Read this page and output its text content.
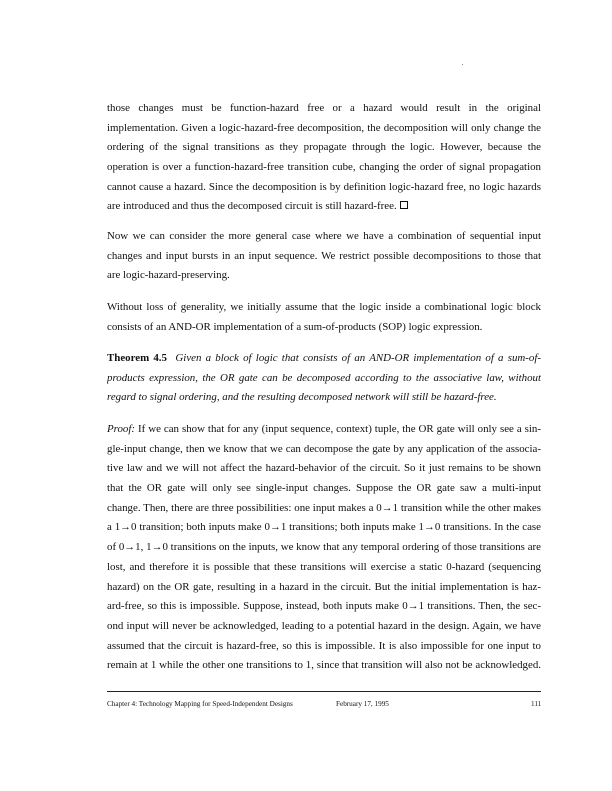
those changes must be function-hazard free or a hazard would result in the original
implementation. Given a logic-hazard-free decomposition, the decomposition will only change the
ordering of the signal transitions as they propagate through the logic. However, because the
operation is over a function-hazard-free transition cube, changing the order of signal propagation
cannot cause a hazard. Since the decomposition is by definition logic-hazard free, no logic hazards
are introduced and thus the decomposed circuit is still hazard-free.
Now we can consider the more general case where we have a combination of sequential input
changes and input bursts in an input sequence. We restrict possible decompositions to those that
are logic-hazard-preserving.
Without loss of generality, we initially assume that the logic inside a combinational logic block
consists of an AND-OR implementation of a sum-of-products (SOP) logic expression.
Theorem 4.5 Given a block of logic that consists of an AND-OR implementation of a sum-of-
products expression, the OR gate can be decomposed according to the associative law, without
regard to signal ordering, and the resulting decomposed network will still be hazard-free.
Proof: If we can show that for any (input sequence, context) tuple, the OR gate will only see a sin-
gle-input change, then we know that we can decompose the gate by any application of the associa-
tive law and we will not affect the hazard-behavior of the circuit. So it just remains to be shown
that the OR gate will only see single-input changes. Suppose the OR gate saw a multi-input
change. Then, there are three possibilities: one input makes a 0→1 transition while the other makes
a 1→0 transition; both inputs make 0→1 transitions; both inputs make 1→0 transitions. In the case
of 0→1, 1→0 transitions on the inputs, we know that any temporal ordering of those transitions are
lost, and therefore it is possible that these transitions will exercise a static 0-hazard (sequencing
hazard) on the OR gate, resulting in a hazard in the circuit. But the initial implementation is haz-
ard-free, so this is impossible. Suppose, instead, both inputs make 0→1 transitions. Then, the sec-
ond input will never be acknowledged, leading to a potential hazard in the design. Again, we have
assumed that the circuit is hazard-free, so this is impossible. It is also impossible for one input to
remain at 1 while the other one transitions to 1, since that transition will also not be acknowledged.
Chapter 4: Technology Mapping for Speed-Independent Designs	February 17, 1995	111
